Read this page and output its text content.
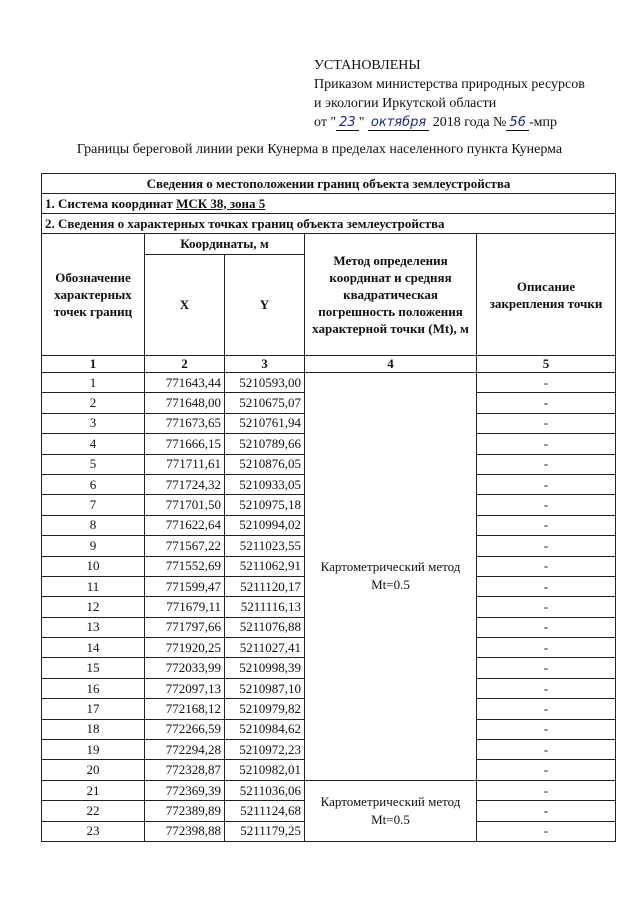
УСТАНОВЛЕНЫ
Приказом министерства природных ресурсов
и экологии Иркутской области
от " 23 " октября 2018 года № 56 -мпр
Границы береговой линии реки Кунерма в пределах населенного пункта Кунерма
Сведения о местоположении границ объекта землеустройства				
1. Система координат МСК 38, зона 5				
2. Сведения о характерных точках границ объекта землеустройства				
Обозначение характерных точек границ	Координаты, м		Метод определения координат и средняя квадратическая погрешность положения характерной точки (Mt), м	Описание закрепления точки
	X	Y		
1	2	3	4	5
1	771643,44	5210593,00	Картометрический метод Mt=0.5	-
2	771648,00	5210675,07		-
3	771673,65	5210761,94		-
4	771666,15	5210789,66		-
5	771711,61	5210876,05		-
6	771724,32	5210933,05		-
7	771701,50	5210975,18		-
8	771622,64	5210994,02		-
9	771567,22	5211023,55		-
10	771552,69	5211062,91		-
11	771599,47	5211120,17		-
12	771679,11	5211116,13		-
13	771797,66	5211076,88		-
14	771920,25	5211027,41		-
15	772033,99	5210998,39		-
16	772097,13	5210987,10		-
17	772168,12	5210979,82		-
18	772266,59	5210984,62		-
19	772294,28	5210972,23		-
20	772328,87	5210982,01		-
21	772369,39	5211036,06	Картометрический метод Mt=0.5	-
22	772389,89	5211124,68		-
23	772398,88	5211179,25		-
